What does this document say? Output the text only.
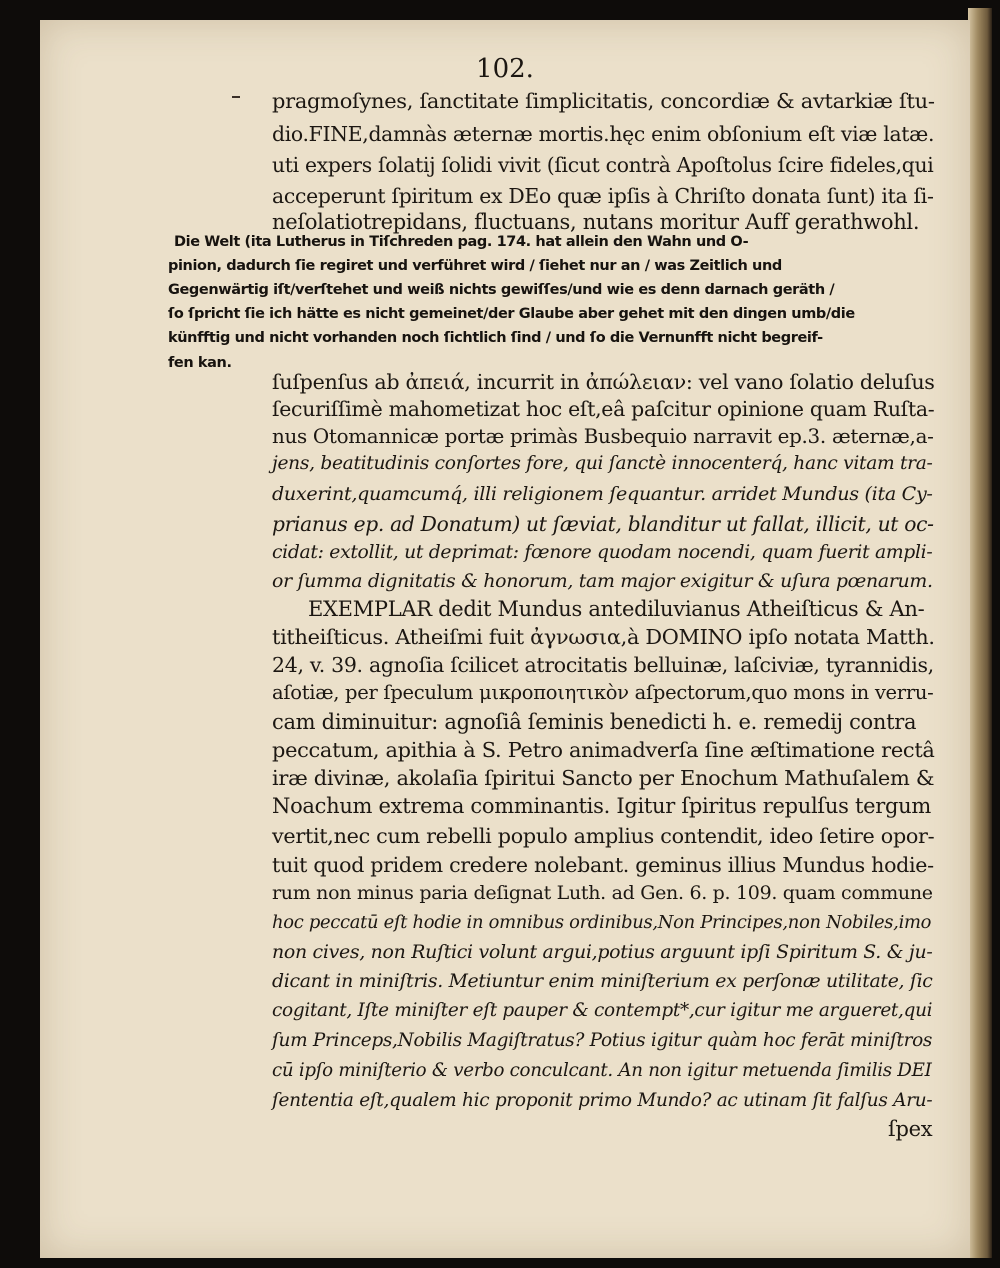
102.
pragmoſynes, ſanctitate ſimplicitatis, concordiæ & avtarkiæ ſtu-
dio.FINE,damnàs æternæ mortis.hęc enim obſonium eſt viæ latæ.
uti expers ſolatij ſolidi vivit (ſicut contrà Apoſtolus ſcire fideles,qui
acceperunt ſpiritum ex DEo quæ ipſis à Chriſto donata ſunt) ita ſi-
neſolatiotrepidans, fluctuans, nutans moritur Auff gerathwohl.
Die Welt (ita Lutherus in Tiſchreden pag. 174. hat allein den Wahn und O-
pinion, dadurch ſie regiret und verführet wird / ſiehet nur an / was Zeitlich und
Gegenwärtig iſt/verſtehet und weiß nichts gewiſſes/und wie es denn darnach geräth /
ſo ſpricht ſie ich hätte es nicht gemeinet/der Glaube aber gehet mit den dingen umb/die
künfftig und nicht vorhanden noch ſichtlich ſind / und ſo die Vernunfft nicht begreif-
fen kan.
ſuſpenſus ab ἀπειά, incurrit in ἀπώλειαν: vel vano ſolatio deluſus
ſecuriſſimè mahometizat hoc eſt,eâ paſcitur opinione quam Ruſta-
nus Otomannicæ portæ primàs Busbequio narravit ep.3. æternæ,a-
jens, beatitudinis conſortes fore, qui ſanctè innocenterq́, hanc vitam tra-
duxerint,quamcumq́, illi religionem ſequantur. arridet Mundus (ita Cy-
prianus ep. ad Donatum) ut ſæviat, blanditur ut fallat, illicit, ut oc-
cidat: extollit, ut deprimat: fœnore quodam nocendi, quam fuerit ampli-
or ſumma dignitatis & honorum, tam major exigitur & uſura pœnarum.
EXEMPLAR dedit Mundus antediluvianus Atheiſticus & An-
titheiſticus. Atheiſmi fuit ἀγνωσια,à DOMINO ipſo notata Matth.
24, v. 39. agnoſia ſcilicet atrocitatis belluinæ, laſciviæ, tyrannidis,
aſotiæ, per ſpeculum μικροποιητικὸν aſpectorum,quo mons in verru-
cam diminuitur: agnoſiâ ſeminis benedicti h. e. remedij contra
peccatum, apithia à S. Petro animadverſa ſine æſtimatione rectâ
iræ divinæ, akolaſia ſpiritui Sancto per Enochum Mathuſalem &
Noachum extrema comminantis. Igitur ſpiritus repulſus tergum
vertit,nec cum rebelli populo amplius contendit, ideo ſetire opor-
tuit quod pridem credere nolebant. geminus illius Mundus hodie-
rum non minus paria deſignat Luth. ad Gen. 6. p. 109. quam commune
hoc peccatū eſt hodie in omnibus ordinibus,Non Principes,non Nobiles,imo
non cives, non Ruſtici volunt argui,potius arguunt ipſi Spiritum S. & ju-
dicant in miniſtris. Metiuntur enim miniſterium ex perſonæ utilitate, ſic
cogitant, Iſte miniſter eſt pauper & contempt*,cur igitur me argueret,qui
ſum Princeps,Nobilis Magiſtratus? Potius igitur quàm hoc ferāt miniſtros
cū ipſo miniſterio & verbo conculcant. An non igitur metuenda ſimilis DEI
ſententia eſt,qualem hic proponit primo Mundo? ac utinam ſit falſus Aru-
ſpex
